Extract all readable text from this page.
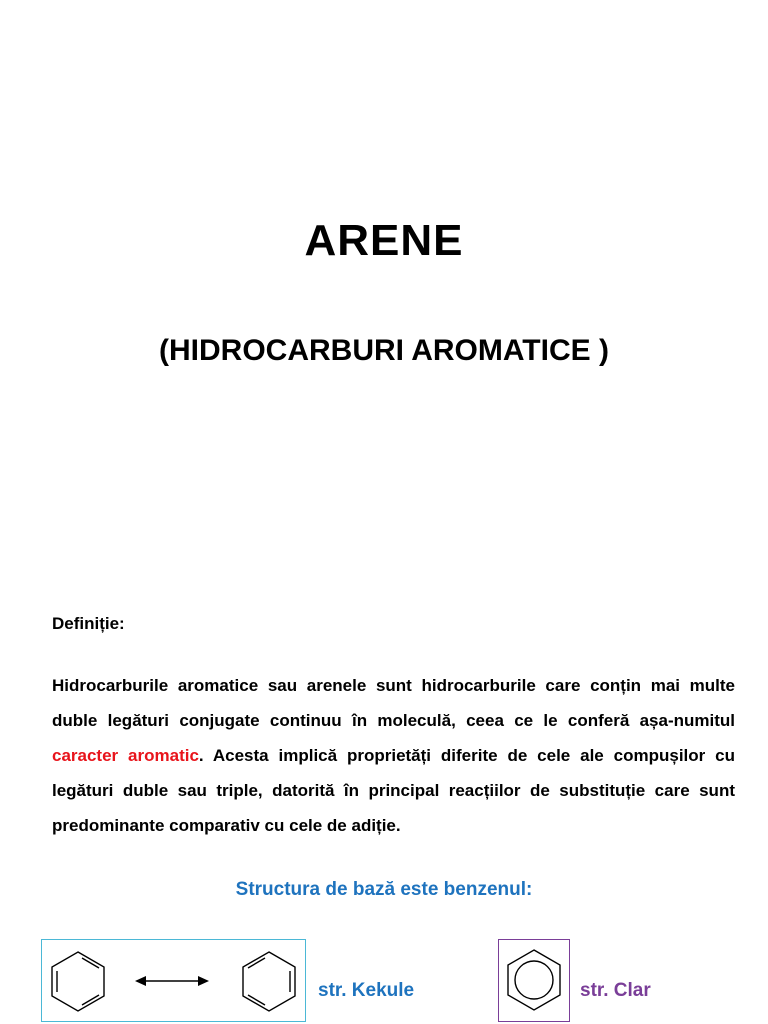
ARENE
(HIDROCARBURI AROMATICE )
Definiție:
Hidrocarburile aromatice sau arenele sunt hidrocarburile care conțin mai multe duble legături conjugate continuu în moleculă, ceea ce le conferă așa-numitul caracter aromatic. Acesta implică proprietăți diferite de cele ale compușilor cu legături duble sau triple, datorită în principal reacțiilor de substituție care sunt predominante comparativ cu cele de adiție.
Structura de bază este benzenul:
str. Kekule	str. Clar
